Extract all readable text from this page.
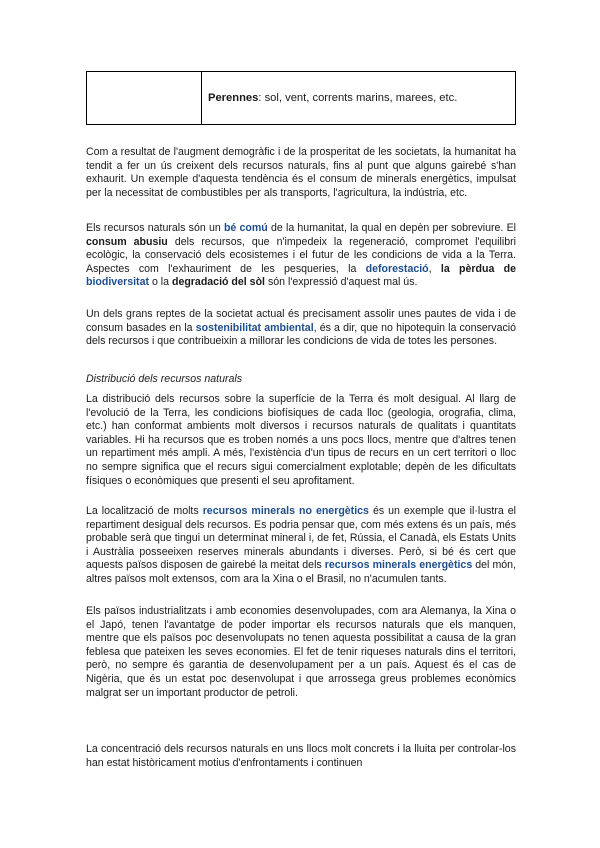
Perennes: sol, vent, corrents marins, marees, etc.

Com a resultat de l'augment demogràfic i de la prosperitat de les societats, la humanitat ha tendit a fer un ús creixent dels recursos naturals, fins al punt que alguns gairebé s'han exhaurit. Un exemple d'aquesta tendència és el consum de minerals energètics, impulsat per la necessitat de combustibles per als transports, l'agricultura, la indústria, etc.

Els recursos naturals són un bé comú de la humanitat, la qual en depèn per sobreviure. El consum abusiu dels recursos, que n'impedeix la regeneració, compromet l'equilibri ecològic, la conservació dels ecosistemes i el futur de les condicions de vida a la Terra. Aspectes com l'exhauriment de les pesqueries, la deforestació, la pèrdua de biodiversitat o la degradació del sòl són l'expressió d'aquest mal ús.

Un dels grans reptes de la societat actual és precisament assolir unes pautes de vida i de consum basades en la sostenibilitat ambiental, és a dir, que no hipotequin la conservació dels recursos i que contribueixin a millorar les condicions de vida de totes les persones.

Distribució dels recursos naturals

La distribució dels recursos sobre la superfície de la Terra és molt desigual. Al llarg de l'evolució de la Terra, les condicions biofísiques de cada lloc (geologia, orografia, clima, etc.) han conformat ambients molt diversos i recursos naturals de qualitats i quantitats variables. Hi ha recursos que es troben només a uns pocs llocs, mentre que d'altres tenen un repartiment més ampli. A més, l'existència d'un tipus de recurs en un cert territori o lloc no sempre significa que el recurs sigui comercialment explotable; depèn de les dificultats físiques o econòmiques que presenti el seu aprofitament.

La localització de molts recursos minerals no energètics és un exemple que il·lustra el repartiment desigual dels recursos. Es podria pensar que, com més extens és un país, més probable serà que tingui un determinat mineral i, de fet, Rússia, el Canadà, els Estats Units i Austràlia posseeixen reserves minerals abundants i diverses. Però, si bé és cert que aquests països disposen de gairebé la meitat dels recursos minerals energètics del món, altres països molt extensos, com ara la Xina o el Brasil, no n'acumulen tants.

Els països industrialitzats i amb economies desenvolupades, com ara Alemanya, la Xina o el Japó, tenen l'avantatge de poder importar els recursos naturals que els manquen, mentre que els països poc desenvolupats no tenen aquesta possibilitat a causa de la gran feblesa que pateixen les seves economies. El fet de tenir riqueses naturals dins el territori, però, no sempre és garantia de desenvolupament per a un país. Aquest és el cas de Nigèria, que és un estat poc desenvolupat i que arrossega greus problemes econòmics malgrat ser un important productor de petroli.

La concentració dels recursos naturals en uns llocs molt concrets i la lluita per controlar-los han estat històricament motius d'enfrontaments i continuen
